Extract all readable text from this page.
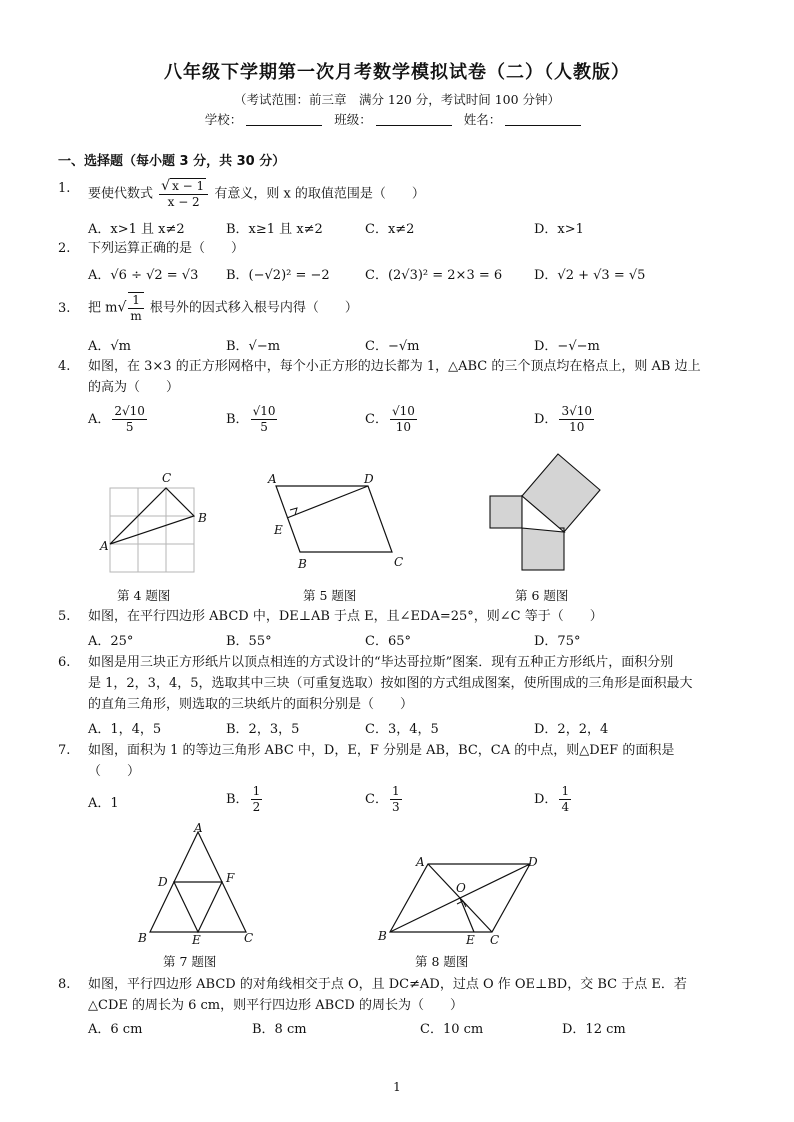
八年级下学期第一次月考数学模拟试卷（二）（人教版）
（考试范围：前三章　满分 120 分，考试时间 100 分钟）
学校：	班级：	姓名：
一、选择题（每小题 3 分，共 30 分）
1.	要使代数式 $\frac{√ x - 1}{x - 2}$ 有意义，则 x 的取值范围是（　　）
A．x>1 且 x≠2	B．x≥1 且 x≠2	C．x≠2	D．x>1
2.	下列运算正确的是（　　）
A．√6 ÷ √2 = √3 B．(−√2)² = −2	C．(2√3)² = 2×3 = 6 D．√2 + √3 = √5
3.	把 $m√ \frac{1}{m}$ 根号外的因式移入根号内得（　　）
A．√m	B．√−m	C．−√m	D．−√−m
4.	如图，在 3×3 的正方形网格中，每个小正方形的边长都为 1，△ABC 的三个顶点均在格点上，则 AB 边上
的高为（　　）
A． $\frac{2√10}{5}$	B． $\frac{√10}{5}$	C． $\frac{√10}{10}$	D． $\frac{3√10}{10}$
A
B
C	A	D
E
B	C
第 4 题图	第 5 题图	第 6 题图
5.	如图，在平行四边形 ABCD 中，DE⊥AB 于点 E，且∠EDA=25°，则∠C 等于（　　）
A．25°	B．55°	C．65°	D．75°
6.	如图是用三块正方形纸片以顶点相连的方式设计的“毕达哥拉斯”图案．现有五种正方形纸片，面积分别
是 1，2，3，4，5，选取其中三块（可重复选取）按如图的方式组成图案，使所围成的三角形是面积最大
的直角三角形，则选取的三块纸片的面积分别是（　　）
A．1，4，5	B．2，3，5	C．3，4，5	D．2，2，4
7.	如图，面积为 1 的等边三角形 ABC 中，D，E，F 分别是 AB，BC，CA 的中点，则△DEF 的面积是
（　　）
A．1	B． $\frac{1}{2}$	C． $\frac{1}{3}$	D． $\frac{1}{4}$
A
D	F
B	E	C
A	D
O
B	E C
第 7 题图	第 8 题图
8.	如图，平行四边形 ABCD 的对角线相交于点 O，且 DC≠AD，过点 O 作 OE⊥BD，交 BC 于点 E．若
△CDE 的周长为 6 cm，则平行四边形 ABCD 的周长为（　　）
A．6 cm	B．8 cm	C．10 cm	D．12 cm
1
